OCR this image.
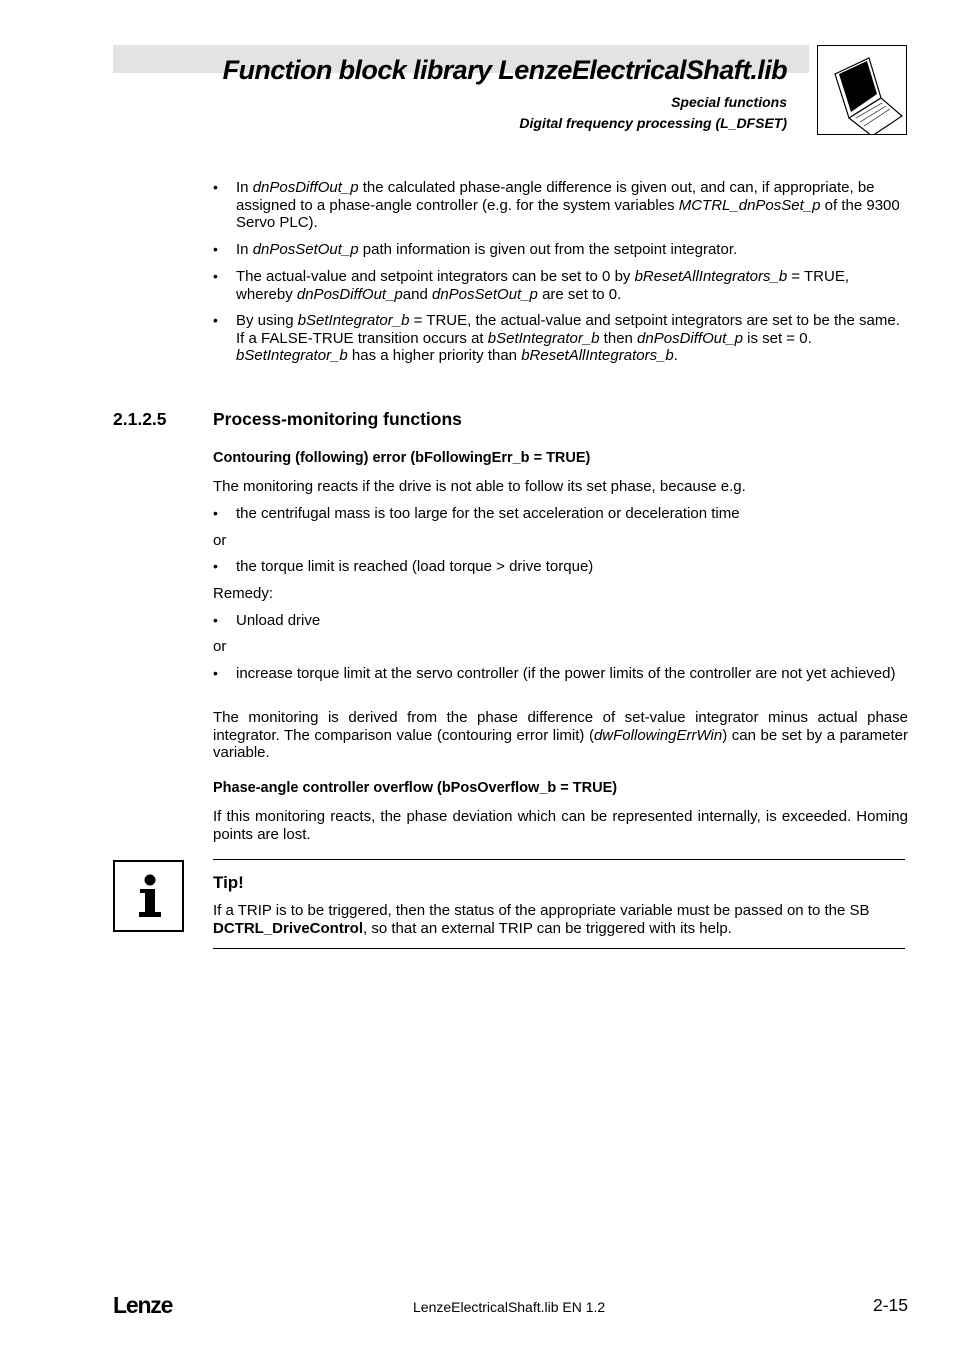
Function block library LenzeElectricalShaft.lib
Special functions
Digital frequency processing (L_DFSET)
• In dnPosDiffOut_p the calculated phase-angle difference is given out, and can, if appropriate, be assigned to a phase-angle controller (e.g. for the system variables MCTRL_dnPosSet_p of the 9300 Servo PLC).
• In dnPosSetOut_p path information is given out from the setpoint integrator.
• The actual-value and setpoint integrators can be set to 0 by bResetAllIntegrators_b = TRUE, whereby dnPosDiffOut_pand dnPosSetOut_p are set to 0.
• By using bSetIntegrator_b = TRUE, the actual-value and setpoint integrators are set to be the same.
If a FALSE-TRUE transition occurs at bSetIntegrator_b then dnPosDiffOut_p is set = 0.
bSetIntegrator_b has a higher priority than bResetAllIntegrators_b.
2.1.2.5	Process-monitoring functions
Contouring (following) error (bFollowingErr_b = TRUE)
The monitoring reacts if the drive is not able to follow its set phase, because e.g.
• the centrifugal mass is too large for the set acceleration or deceleration time
or
• the torque limit is reached (load torque > drive torque)
Remedy:
• Unload drive
or
• increase torque limit at the servo controller (if the power limits of the controller are not yet achieved)
The monitoring is derived from the phase difference of set-value integrator minus actual phase integrator. The comparison value (contouring error limit) (dwFollowingErrWin) can be set by a parameter variable.
Phase-angle controller overflow (bPosOverflow_b = TRUE)
If this monitoring reacts, the phase deviation which can be represented internally, is exceeded. Homing points are lost.
Tip!
If a TRIP is to be triggered, then the status of the appropriate variable must be passed on to the SB DCTRL_DriveControl, so that an external TRIP can be triggered with its help.
Lenze	LenzeElectricalShaft.lib EN 1.2	2-15
